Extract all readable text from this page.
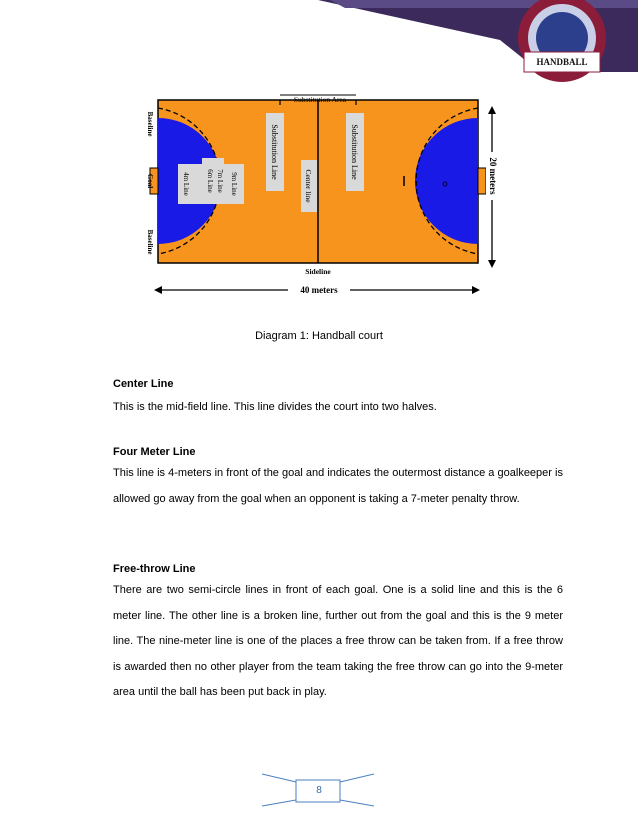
HANDBALL
Substitution Area
Substitution Line	Substitution Line
Center line
Baseline
Baseline
Goal	4m Line 6m Line 7m Line 9m Line
Sideline
20 meters
40 meters
Diagram 1: Handball court
Center Line

This is the mid-field line. This line divides the court into two halves.

Four Meter Line

This line is 4-meters in front of the goal and indicates the outermost distance a goalkeeper is allowed go away from the goal when an opponent is taking a 7-meter penalty throw.

Free-throw Line

There are two semi-circle lines in front of each goal. One is a solid line and this is the 6 meter line. The other line is a broken line, further out from the goal and this is the 9 meter line. The nine-meter line is one of the places a free throw can be taken from. If a free throw is awarded then no other player from the team taking the free throw can go into the 9-meter area until the ball has been put back in play.

8
